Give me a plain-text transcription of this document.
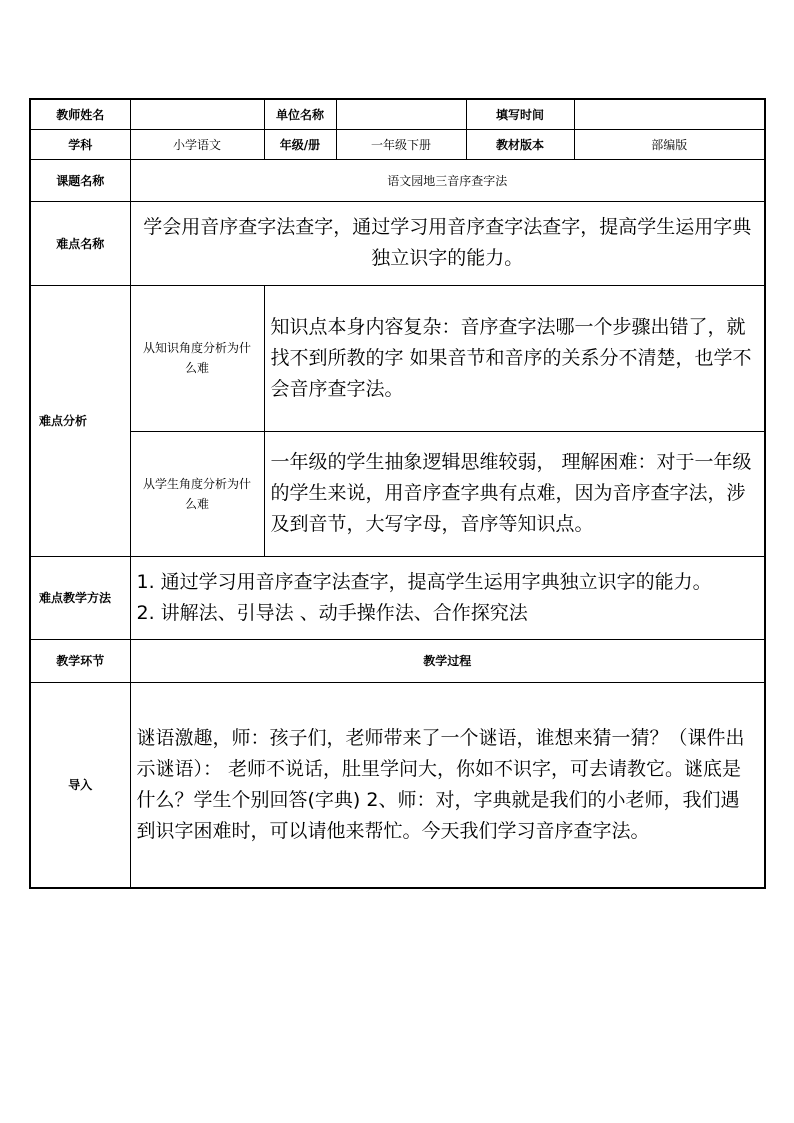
教师姓名		单位名称		填写时间	
学科	小学语文	年级/册	一年级下册	教材版本	部编版
课题名称	语文园地三音序查字法				
难点名称	学会用音序查字法查字，通过学习用音序查字法查字，提高学生运用字典独立识字的能力。				
难点分析	从知识角度分析为什么难	知识点本身内容复杂：音序查字法哪一个步骤出错了，就找不到所教的字 如果音节和音序的关系分不清楚，也学不会音序查字法。			
	从学生角度分析为什么难	一年级的学生抽象逻辑思维较弱， 理解困难：对于一年级的学生来说，用音序查字典有点难，因为音序查字法，涉及到音节，大写字母，音序等知识点。			
难点教学方法	1. 通过学习用音序查字法查字，提高学生运用字典独立识字的能力。

2. 讲解法、引导法 、动手操作法、合作探究法				

教学环节	教学过程				
导入	谜语激趣，师：孩子们，老师带来了一个谜语，谁想来猜一猜？（课件出示谜语）： 老师不说话，肚里学问大，你如不识字，可去请教它。谜底是什么？学生个别回答(字典) 2、师：对，字典就是我们的小老师，我们遇到识字困难时，可以请他来帮忙。今天我们学习音序查字法。				
